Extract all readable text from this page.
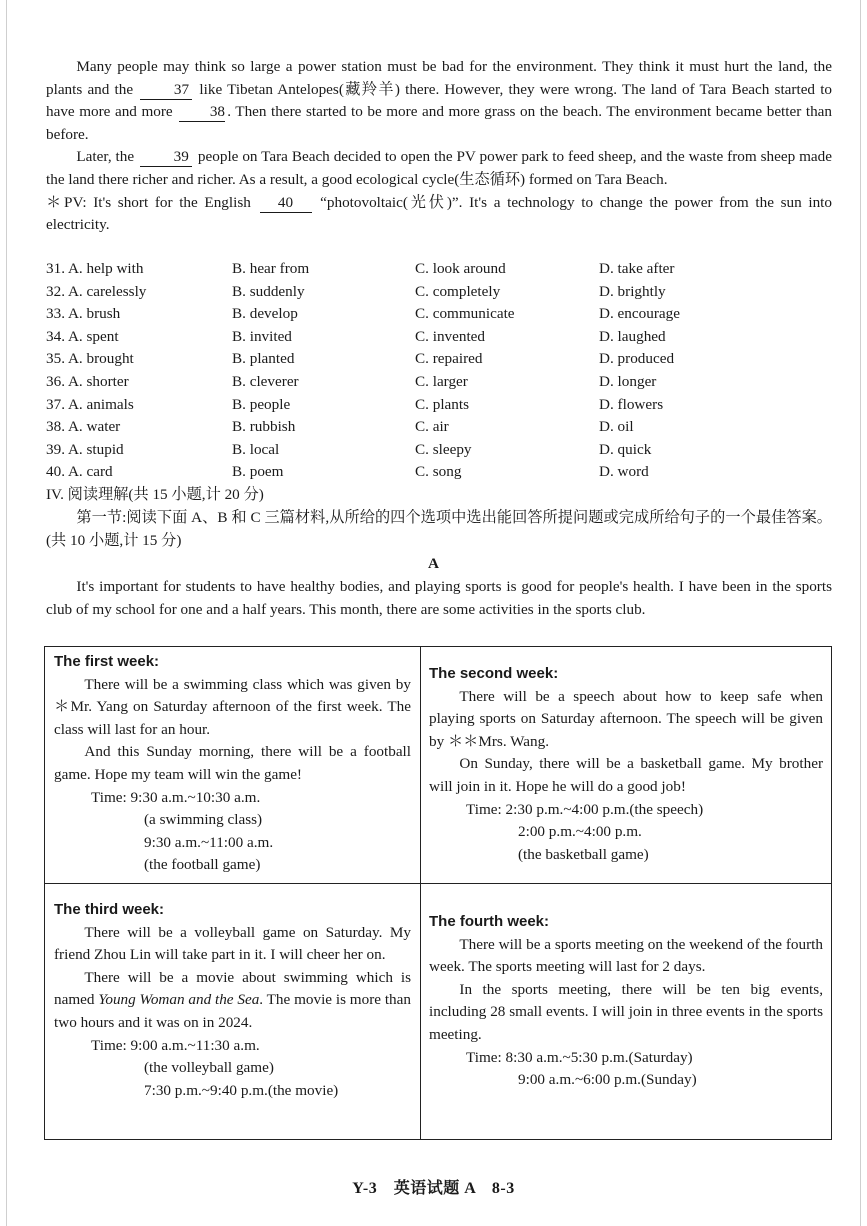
Many people may think so large a power station must be bad for the environment. They think it must hurt the land, the plants and the 37 like Tibetan Antelopes(藏羚羊) there. However, they were wrong. The land of Tara Beach started to have more and more 38 . Then there started to be more and more grass on the beach. The environment became better than before.

Later, the 39 people on Tara Beach decided to open the PV power park to feed sheep, and the waste from sheep made the land there richer and richer. As a result, a good ecological cycle(生态循环) formed on Tara Beach.

＊PV: It's short for the English 40 “photovoltaic(光伏)”. It's a technology to change the power from the sun into electricity.

31. A. help with	B. hear from	C. look around	D. take after
32. A. carelessly	B. suddenly	C. completely	D. brightly
33. A. brush	B. develop	C. communicate	D. encourage
34. A. spent	B. invited	C. invented	D. laughed
35. A. brought	B. planted	C. repaired	D. produced
36. A. shorter	B. cleverer	C. larger	D. longer
37. A. animals	B. people	C. plants	D. flowers
38. A. water	B. rubbish	C. air	D. oil
39. A. stupid	B. local	C. sleepy	D. quick
40. A. card	B. poem	C. song	D. word
IV. 阅读理解(共 15 小题,计 20 分)

第一节:阅读下面 A、B 和 C 三篇材料,从所给的四个选项中选出能回答所提问题或完成所给句子的一个最佳答案。(共 10 小题,计 15 分)

A

It's important for students to have healthy bodies, and playing sports is good for people's health. I have been in the sports club of my school for one and a half years. This month, there are some activities in the sports club.

The first week:

There will be a swimming class which was given by ＊Mr. Yang on Saturday afternoon of the first week. The class will last for an hour.

And this Sunday morning, there will be a football game. Hope my team will win the game!

Time: 9:30 a.m.~10:30 a.m.
(a swimming class)
9:30 a.m.~11:00 a.m.
(the football game)
The second week:

There will be a speech about how to keep safe when playing sports on Saturday afternoon. The speech will be given by ＊＊Mrs. Wang.

On Sunday, there will be a basketball game. My brother will join in it. Hope he will do a good job!

Time: 2:30 p.m.~4:00 p.m.(the speech)
2:00 p.m.~4:00 p.m.
(the basketball game)
The third week:

There will be a volleyball game on Saturday. My friend Zhou Lin will take part in it. I will cheer her on.

There will be a movie about swimming which is named Young Woman and the Sea. The movie is more than two hours and it was on in 2024.

Time: 9:00 a.m.~11:30 a.m.
(the volleyball game)
7:30 p.m.~9:40 p.m.(the movie)
The fourth week:

There will be a sports meeting on the weekend of the fourth week. The sports meeting will last for 2 days.

In the sports meeting, there will be ten big events, including 28 small events. I will join in three events in the sports meeting.

Time: 8:30 a.m.~5:30 p.m.(Saturday)
9:00 a.m.~6:00 p.m.(Sunday)
Y-3　英语试题 A　8-3
